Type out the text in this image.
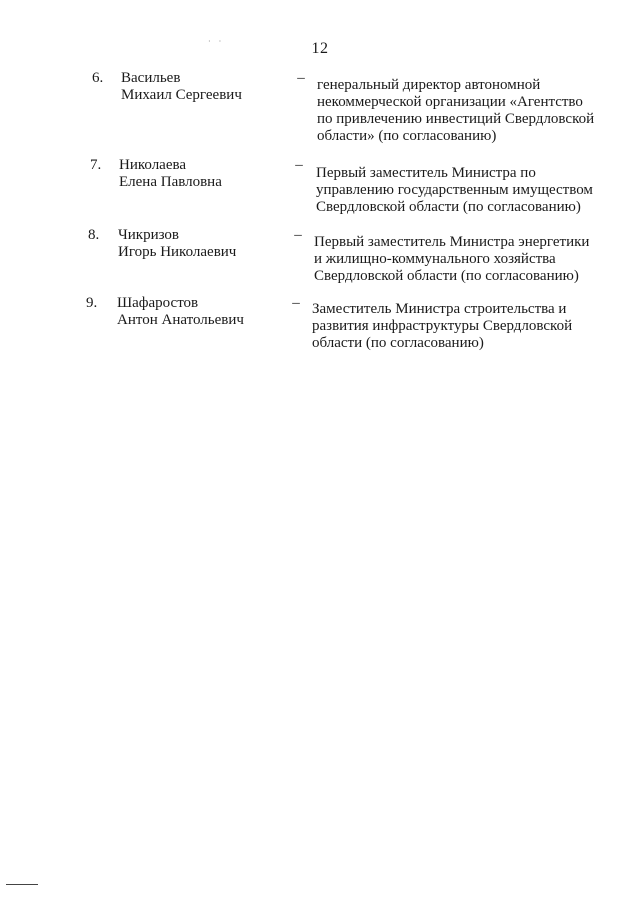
· ·	12
6.	Васильев
Михаил Сергеевич
– генеральный директор автономной
некоммерческой организации «Агентство
по привлечению инвестиций Свердловской
области» (по согласованию)
7.	Николаева
Елена Павловна
– Первый заместитель Министра по
управлению государственным имуществом
Свердловской области (по согласованию)
8.	Чикризов
Игорь Николаевич
– Первый заместитель Министра энергетики
и жилищно-коммунального хозяйства
Свердловской области (по согласованию)
9.	Шафаростов
Антон Анатольевич
– Заместитель Министра строительства и
развития инфраструктуры Свердловской
области (по согласованию)
